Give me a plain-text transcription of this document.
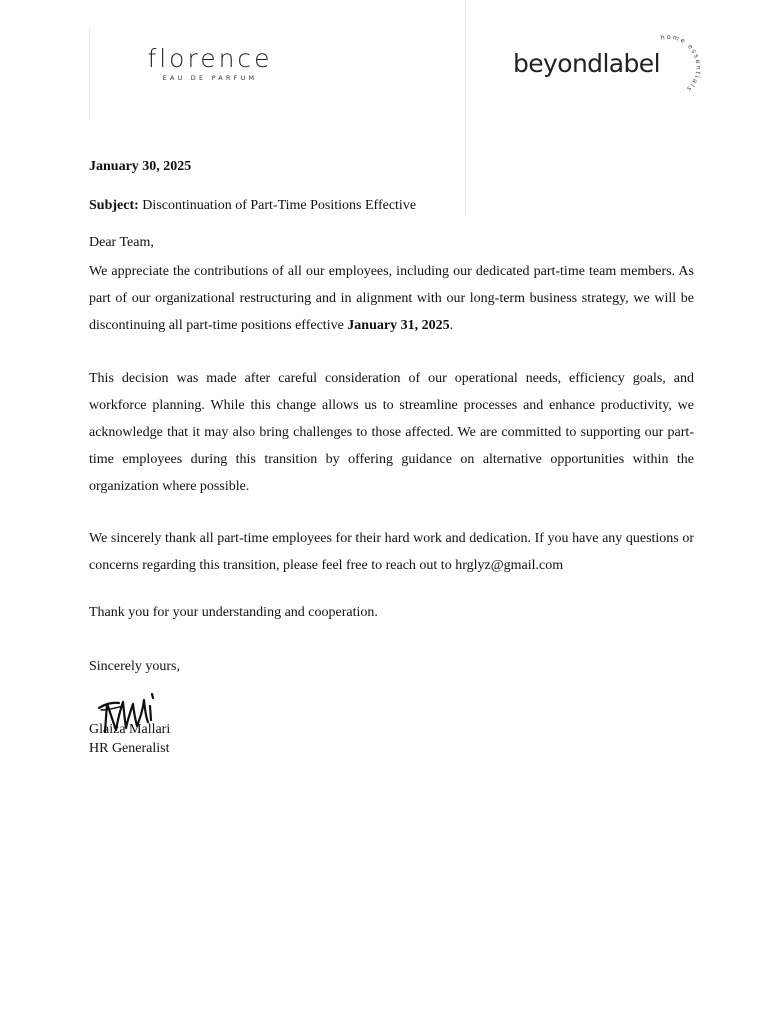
florence
EAU DE PARFUM	beyondlabel
home essentials
January 30, 2025
Subject: Discontinuation of Part-Time Positions Effective
Dear Team,
We appreciate the contributions of all our employees, including our dedicated part-time team members. As part of our organizational restructuring and in alignment with our long-term business strategy, we will be discontinuing all part-time positions effective January 31, 2025.
This decision was made after careful consideration of our operational needs, efficiency goals, and workforce planning. While this change allows us to streamline processes and enhance productivity, we acknowledge that it may also bring challenges to those affected. We are committed to supporting our part-time employees during this transition by offering guidance on alternative opportunities within the organization where possible.
We sincerely thank all part-time employees for their hard work and dedication. If you have any questions or concerns regarding this transition, please feel free to reach out to hrglyz@gmail.com
Thank you for your understanding and cooperation.
Sincerely yours,
Glaiza Mallari
HR Generalist
